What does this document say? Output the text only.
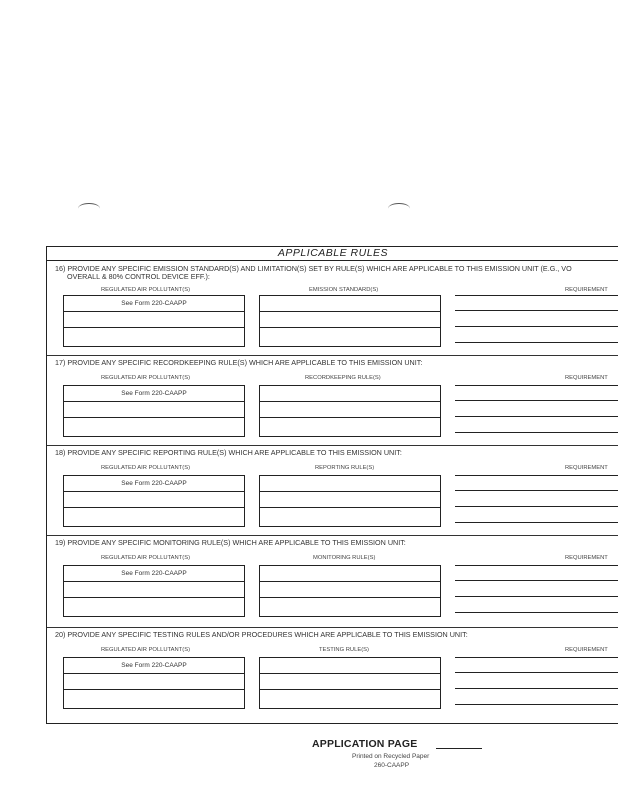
APPLICABLE RULES
16) PROVIDE ANY SPECIFIC EMISSION STANDARD(S) AND LIMITATION(S) SET BY RULE(S) WHICH ARE APPLICABLE TO THIS EMISSION UNIT (E.G., VO
OVERALL & 80% CONTROL DEVICE EFF.):
REGULATED AIR POLLUTANT(S)	EMISSION STANDARD(S)	REQUIREMENT
See Form 220-CAAPP
17) PROVIDE ANY SPECIFIC RECORDKEEPING RULE(S) WHICH ARE APPLICABLE TO THIS EMISSION UNIT:
REGULATED AIR POLLUTANT(S)	RECORDKEEPING RULE(S)	REQUIREMENT
See Form 220-CAAPP
18) PROVIDE ANY SPECIFIC REPORTING RULE(S) WHICH ARE APPLICABLE TO THIS EMISSION UNIT:
REGULATED AIR POLLUTANT(S)	REPORTING RULE(S)	REQUIREMENT
See Form 220-CAAPP
19) PROVIDE ANY SPECIFIC MONITORING RULE(S) WHICH ARE APPLICABLE TO THIS EMISSION UNIT:
REGULATED AIR POLLUTANT(S)	MONITORING RULE(S)	REQUIREMENT
See Form 220-CAAPP
20) PROVIDE ANY SPECIFIC TESTING RULES AND/OR PROCEDURES WHICH ARE APPLICABLE TO THIS EMISSION UNIT:
REGULATED AIR POLLUTANT(S)	TESTING RULE(S)	REQUIREMENT
See Form 220-CAAPP
APPLICATION PAGE
Printed on Recycled Paper
260-CAAPP
